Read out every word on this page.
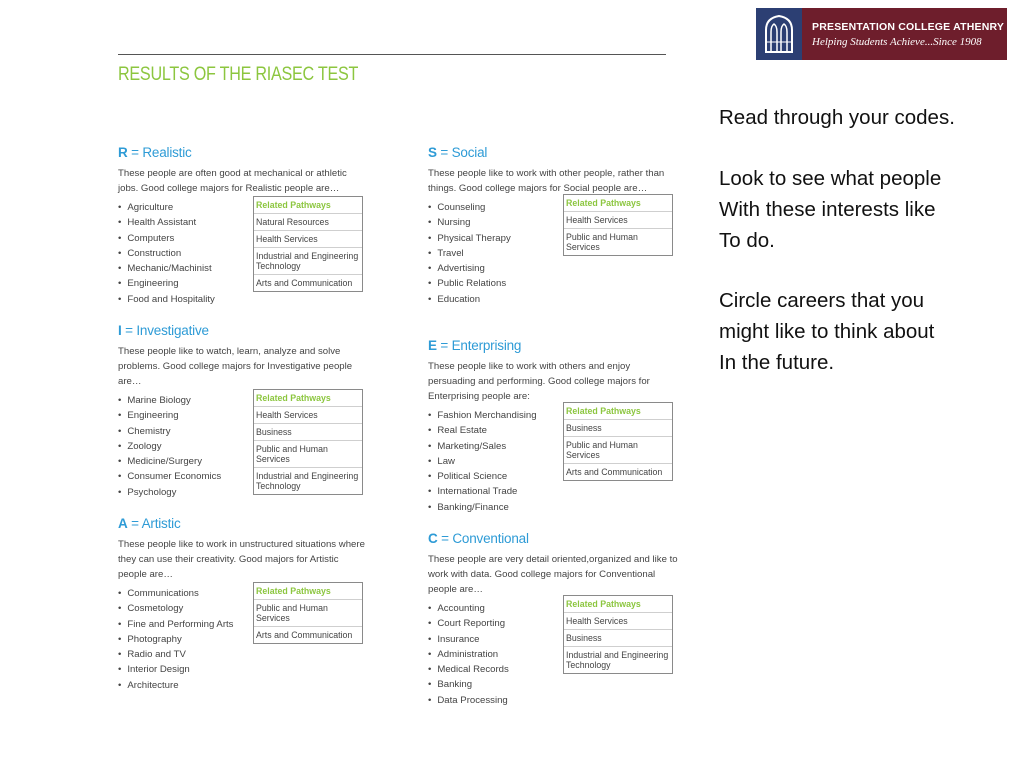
PRESENTATION COLLEGE ATHENRY
Helping Students Achieve...Since 1908
RESULTS OF THE RIASEC TEST
R = Realistic
These people are often good at mechanical or athletic jobs. Good college majors for Realistic people are…
• Agriculture
• Health Assistant
• Computers
• Construction
• Mechanic/Machinist
• Engineering
• Food and Hospitality
Related Pathways
Natural Resources
Health Services
Industrial and Engineering Technology
Arts and Communication
I = Investigative
These people like to watch, learn, analyze and solve problems. Good college majors for Investigative people are…
• Marine Biology
• Engineering
• Chemistry
• Zoology
• Medicine/Surgery
• Consumer Economics
• Psychology
Related Pathways
Health Services
Business
Public and Human Services
Industrial and Engineering Technology
A = Artistic
These people like to work in unstructured situations where they can use their creativity. Good majors for Artistic people are…
• Communications
• Cosmetology
• Fine and Performing Arts
• Photography
• Radio and TV
• Interior Design
• Architecture
Related Pathways
Public and Human Services
Arts and Communication
S = Social
These people like to work with other people, rather than things. Good college majors for Social people are…
• Counseling
• Nursing
• Physical Therapy
• Travel
• Advertising
• Public Relations
• Education
Related Pathways
Health Services
Public and Human Services
E = Enterprising
These people like to work with others and enjoy persuading and performing. Good college majors for Enterprising people are:
• Fashion Merchandising
• Real Estate
• Marketing/Sales
• Law
• Political Science
• International Trade
• Banking/Finance
Related Pathways
Business
Public and Human Services
Arts and Communication
C = Conventional
These people are very detail oriented,organized and like to work with data. Good college majors for Conventional people are…
• Accounting
• Court Reporting
• Insurance
• Administration
• Medical Records
• Banking
• Data Processing
Related Pathways
Health Services
Business
Industrial and Engineering Technology

Read through your codes.

Look to see what people
With these interests like
To do.

Circle careers that you
might like to think about
In the future.
